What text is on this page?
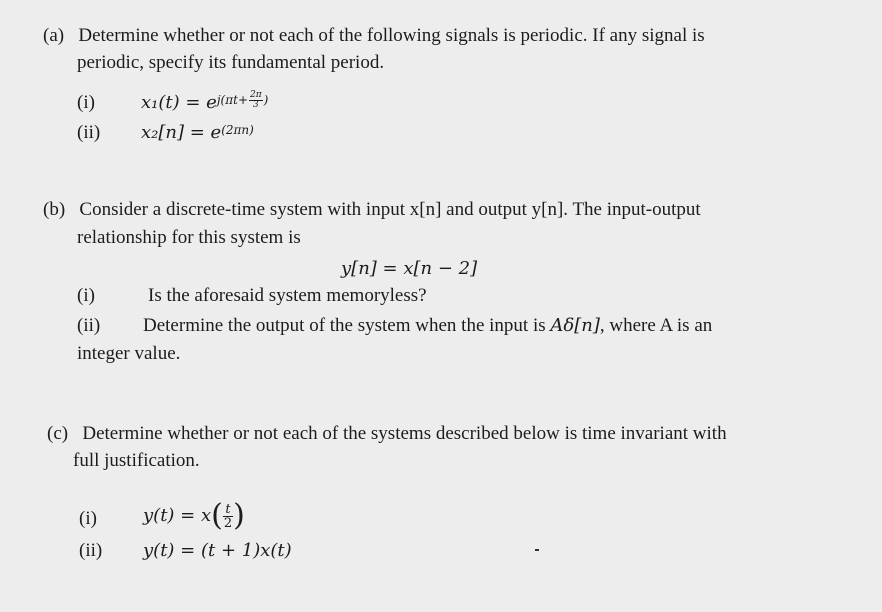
(a) Determine whether or not each of the following signals is periodic. If any signal is
periodic, specify its fundamental period.
(i)	$x_1(t) = e^{j(\pi t+ \frac{2\pi}{3} )}$
(ii) $x_2[n] = e^{(2\pi n)}$
(b) Consider a discrete-time system with input x[n] and output y[n]. The input-output
relationship for this system is
y[n] = x[n − 2]
(i)	Is the aforesaid system memoryless?
(ii) Determine the output of the system when the input is Aδ[n], where A is an
integer value.
(c) Determine whether or not each of the systems described below is time invariant with
full justification.
(i)	$y(t) = x( \frac{t}{2}$ )
(ii) y(t) = (t + 1)x(t)
